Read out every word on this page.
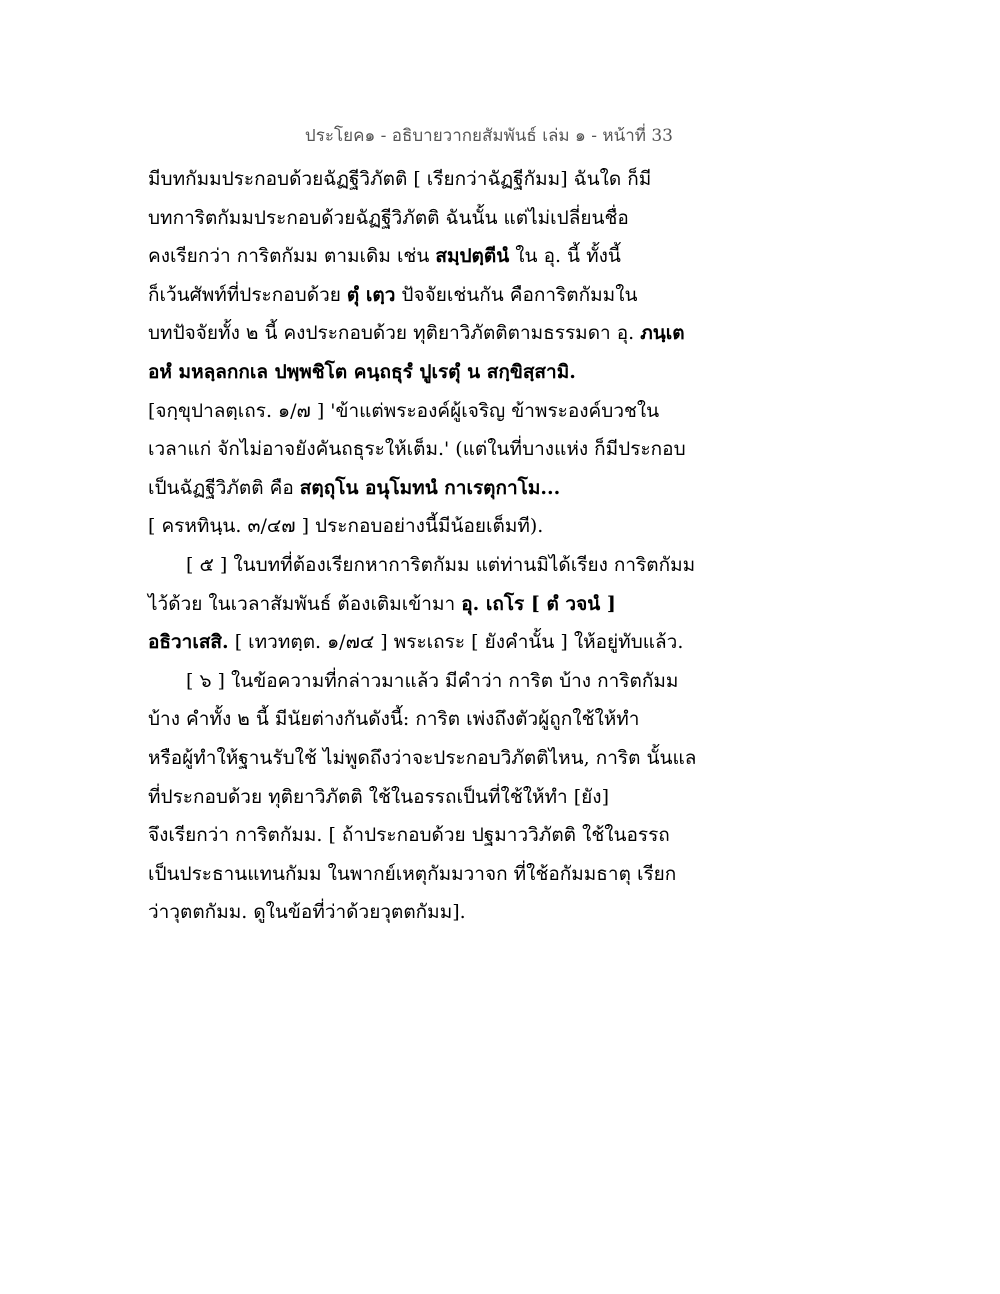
ประโยค๑ - อธิบายวากยสัมพันธ์ เล่ม ๑ - หน้าที่ 33
มีบทกัมมประกอบด้วยฉัฏฐีวิภัตติ [ เรียกว่าฉัฏฐีกัมม] ฉันใด ก็มี
บทการิตกัมมประกอบด้วยฉัฏฐีวิภัตติ ฉันนั้น แต่ไม่เปลี่ยนชื่อ
คงเรียกว่า การิตกัมม ตามเดิม เช่น สมฺปตฺตีนํ ใน อุ. นี้ ทั้งนี้
ก็เว้นศัพท์ที่ประกอบด้วย ตุํ เตฺว ปัจจัยเช่นกัน คือการิตกัมมใน
บทปัจจัยทั้ง ๒ นี้ คงประกอบด้วย ทุติยาวิภัตติตามธรรมดา อุ. ภนฺเต
อหํ มหลฺลกกเล ปพฺพชิโต คนฺถธุรํ ปูเรตุํ น สกฺขิสฺสามิ.
[จกฺขุปาลตฺเถร. ๑/๗ ] 'ข้าแต่พระองค์ผู้เจริญ ข้าพระองค์บวชใน
เวลาแก่ จักไม่อาจยังคันถธุระให้เต็ม.' (แต่ในที่บางแห่ง ก็มีประกอบ
เป็นฉัฏฐีวิภัตติ คือ สตฺถุโน อนุโมทนํ กาเรตุกาโม...
[ ครหทินฺน. ๓/๔๗ ] ประกอบอย่างนี้มีน้อยเต็มที).
[ ๕ ] ในบทที่ต้องเรียกหาการิตกัมม แต่ท่านมิได้เรียง การิตกัมม
ไว้ด้วย ในเวลาสัมพันธ์ ต้องเติมเข้ามา อุ. เถโร [ ตํ วจนํ ]
อธิวาเสสิ. [ เทวทตฺต. ๑/๗๔ ] พระเถระ [ ยังคำนั้น ] ให้อยู่ทับแล้ว.
[ ๖ ] ในข้อความที่กล่าวมาแล้ว มีคำว่า การิต บ้าง การิตกัมม
บ้าง คำทั้ง ๒ นี้ มีนัยต่างกันดังนี้: การิต เพ่งถึงตัวผู้ถูกใช้ให้ทำ
หรือผู้ทำให้ฐานรับใช้ ไม่พูดถึงว่าจะประกอบวิภัตติไหน, การิต นั้นแล
ที่ประกอบด้วย ทุติยาวิภัตติ ใช้ในอรรถเป็นที่ใช้ให้ทำ [ยัง]
จึงเรียกว่า การิตกัมม. [ ถ้าประกอบด้วย ปฐมาววิภัตติ ใช้ในอรรถ
เป็นประธานแทนกัมม ในพากย์เหตุกัมมวาจก ที่ใช้อกัมมธาตุ เรียก
ว่าวุตตกัมม. ดูในข้อที่ว่าด้วยวุตตกัมม].
